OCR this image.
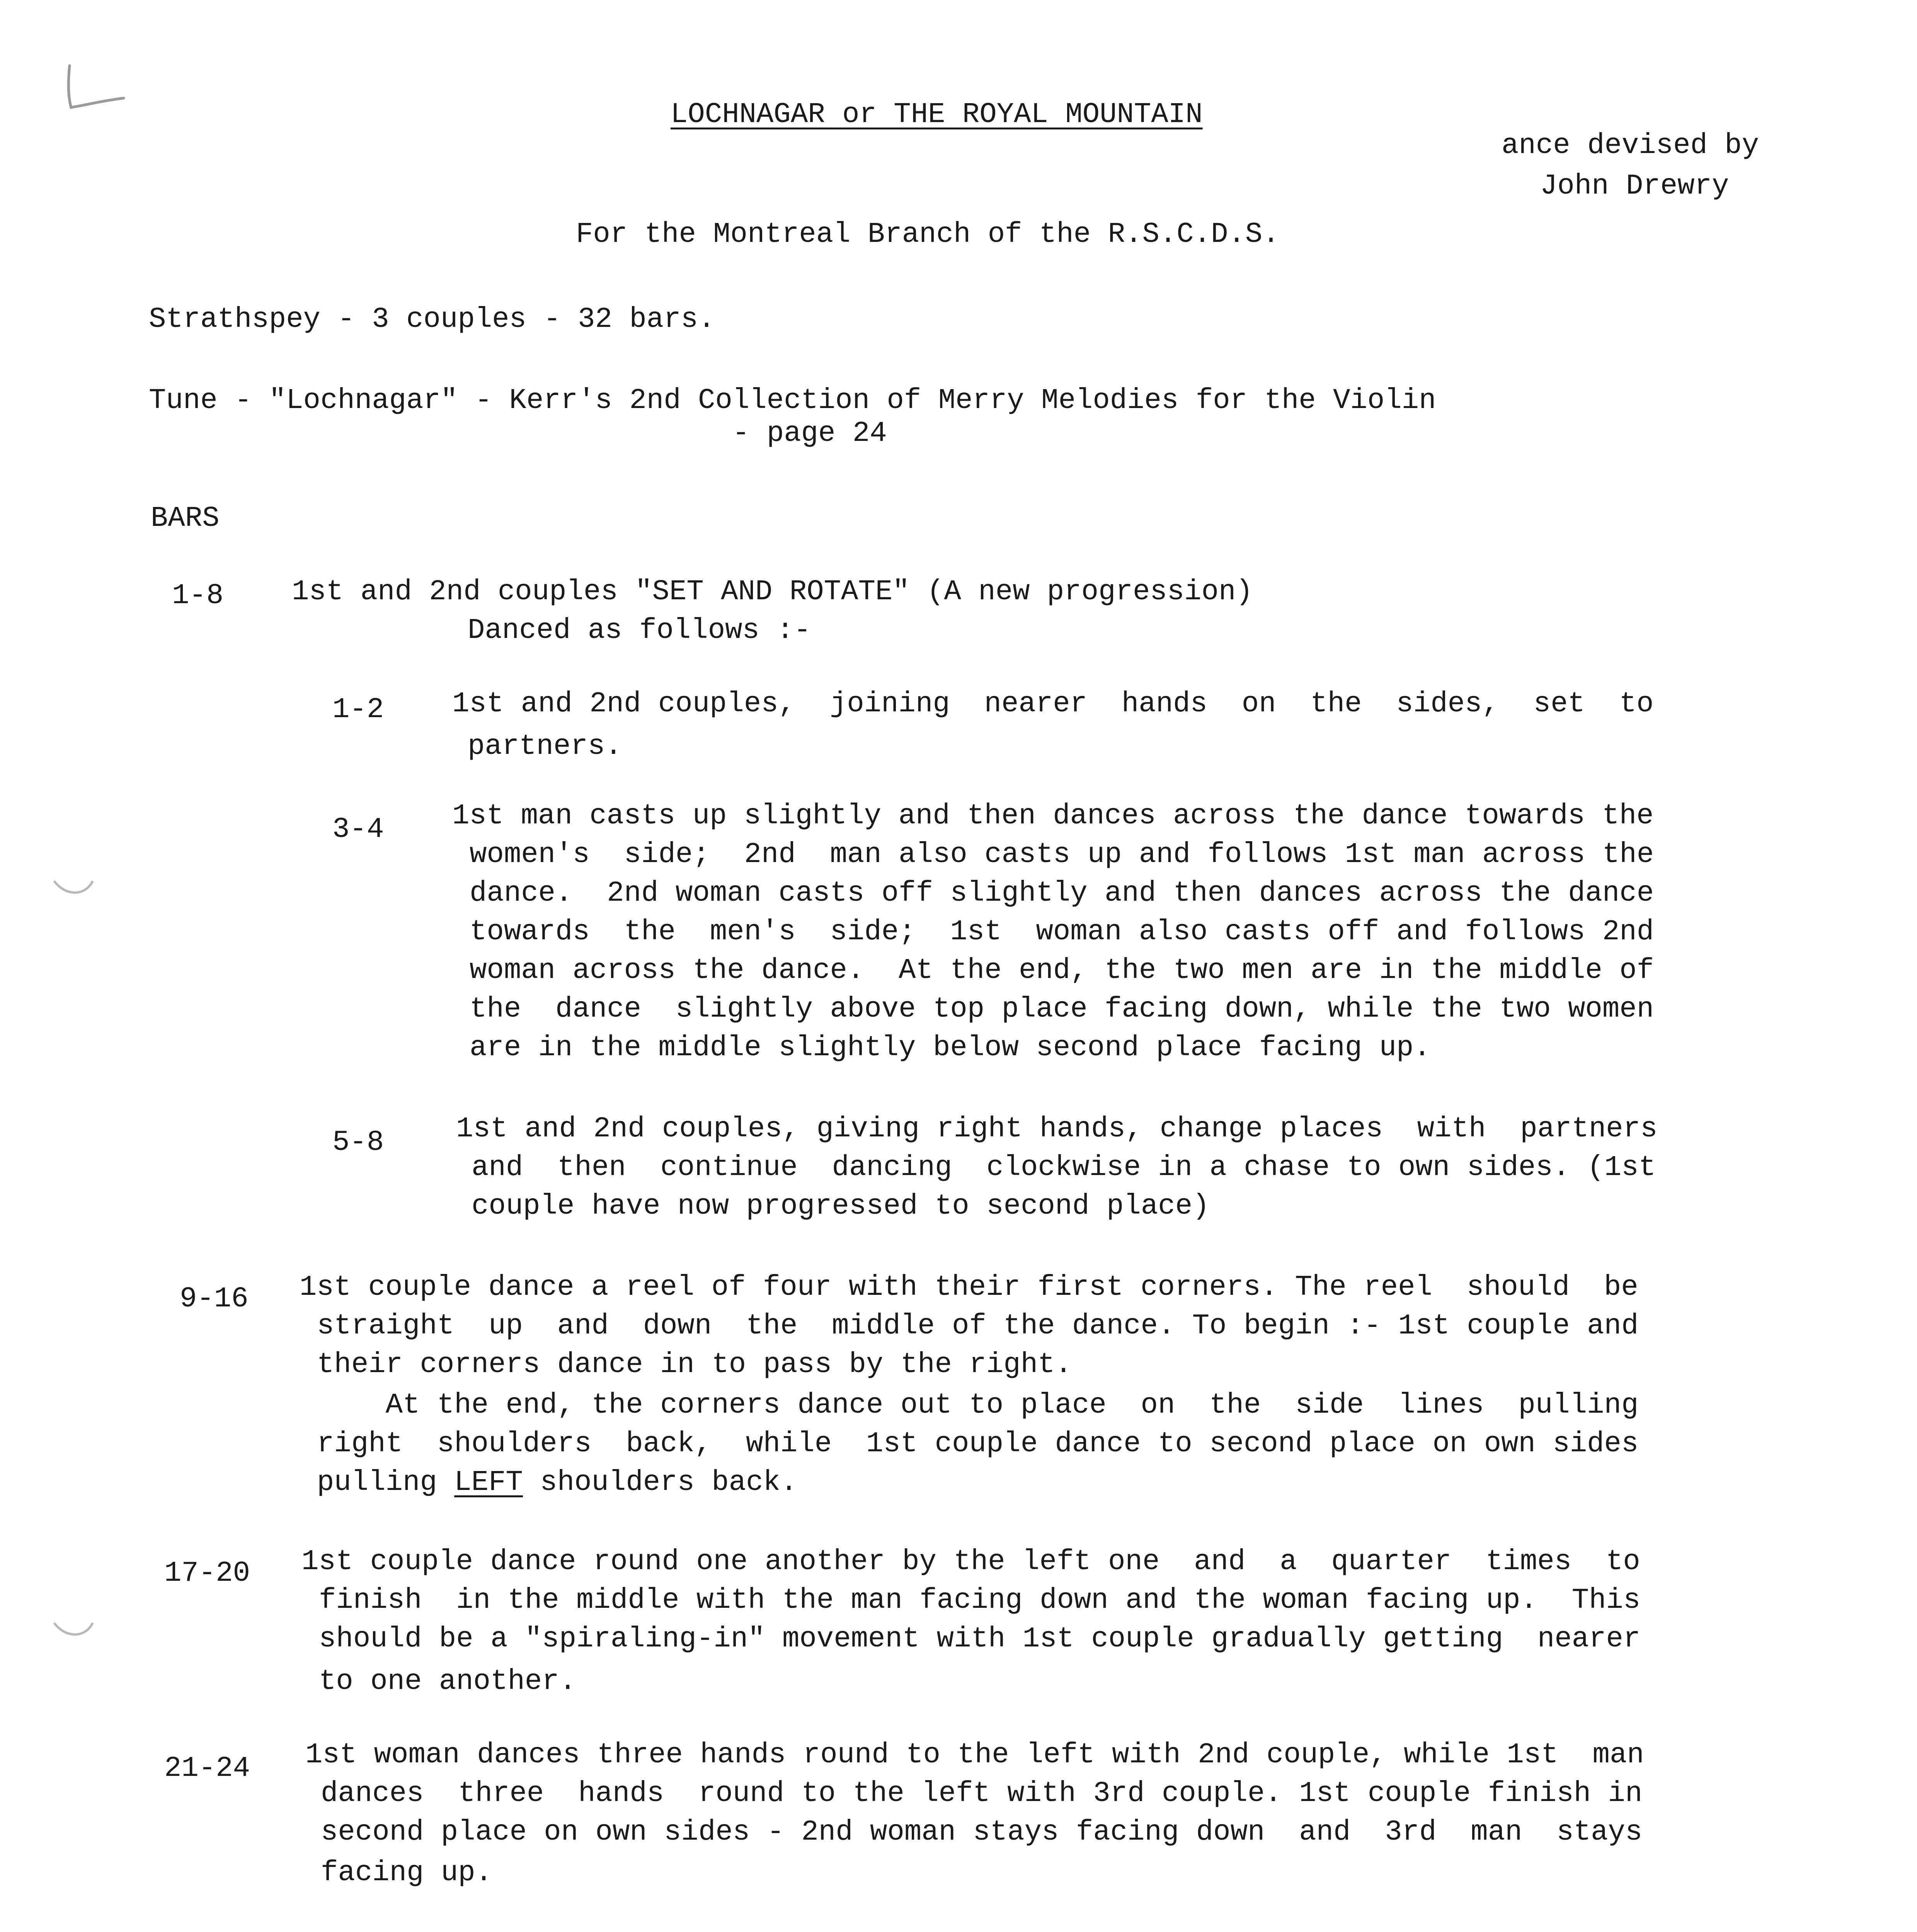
LOCHNAGAR or THE ROYAL MOUNTAIN
ance devised by
John Drewry
For the Montreal Branch of the R.S.C.D.S.
Strathspey - 3 couples - 32 bars.
Tune - "Lochnagar" - Kerr's 2nd Collection of Merry Melodies for the Violin
- page 24
BARS
1-8 1st and 2nd couples "SET AND ROTATE" (A new progression)
Danced as follows :-
1-2 1st and 2nd couples,  joining  nearer  hands  on  the  sides,  set  to
partners.
3-4 1st man casts up slightly and then dances across the dance towards the
women's  side;  2nd  man also casts up and follows 1st man across the
dance.  2nd woman casts off slightly and then dances across the dance
towards  the  men's  side;  1st  woman also casts off and follows 2nd
woman across the dance.  At the end, the two men are in the middle of
the  dance  slightly above top place facing down, while the two women
are in the middle slightly below second place facing up.
5-8	1st and 2nd couples, giving right hands, change places  with  partners
and  then  continue  dancing  clockwise in a chase to own sides. (1st
couple have now progressed to second place)
9-16 1st couple dance a reel of four with their first corners. The reel  should  be
straight  up  and  down  the  middle of the dance. To begin :- 1st couple and
their corners dance in to pass by the right.
At the end, the corners dance out to place  on  the  side  lines  pulling
right  shoulders  back,  while  1st couple dance to second place on own sides
pulling LEFT shoulders back.
17-20 1st couple dance round one another by the left one  and  a  quarter  times  to
finish  in the middle with the man facing down and the woman facing up.  This
should be a "spiraling-in" movement with 1st couple gradually getting  nearer
to one another.
21-24 1st woman dances three hands round to the left with 2nd couple, while 1st  man
dances  three  hands  round to the left with 3rd couple. 1st couple finish in
second place on own sides - 2nd woman stays facing down  and  3rd  man  stays
facing up.
